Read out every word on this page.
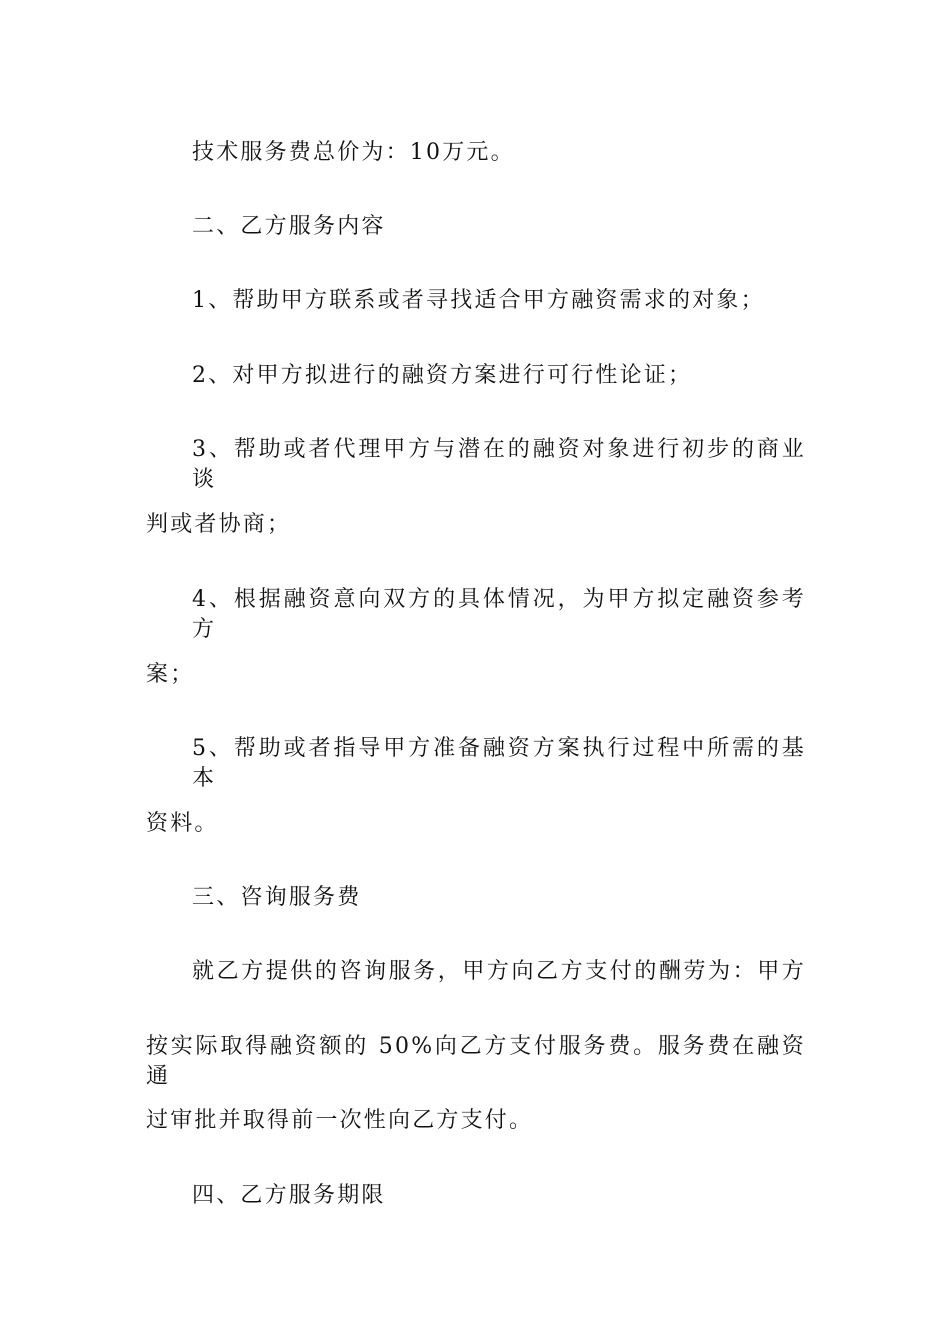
技术服务费总价为：10万元。
二、乙方服务内容
1、帮助甲方联系或者寻找适合甲方融资需求的对象；
2、对甲方拟进行的融资方案进行可行性论证；
3、帮助或者代理甲方与潜在的融资对象进行初步的商业谈
判或者协商；
4、根据融资意向双方的具体情况，为甲方拟定融资参考方
案；
5、帮助或者指导甲方准备融资方案执行过程中所需的基本
资料。
三、咨询服务费
就乙方提供的咨询服务，甲方向乙方支付的酬劳为：甲方
按实际取得融资额的 50%向乙方支付服务费。服务费在融资通
过审批并取得前一次性向乙方支付。
四、乙方服务期限
